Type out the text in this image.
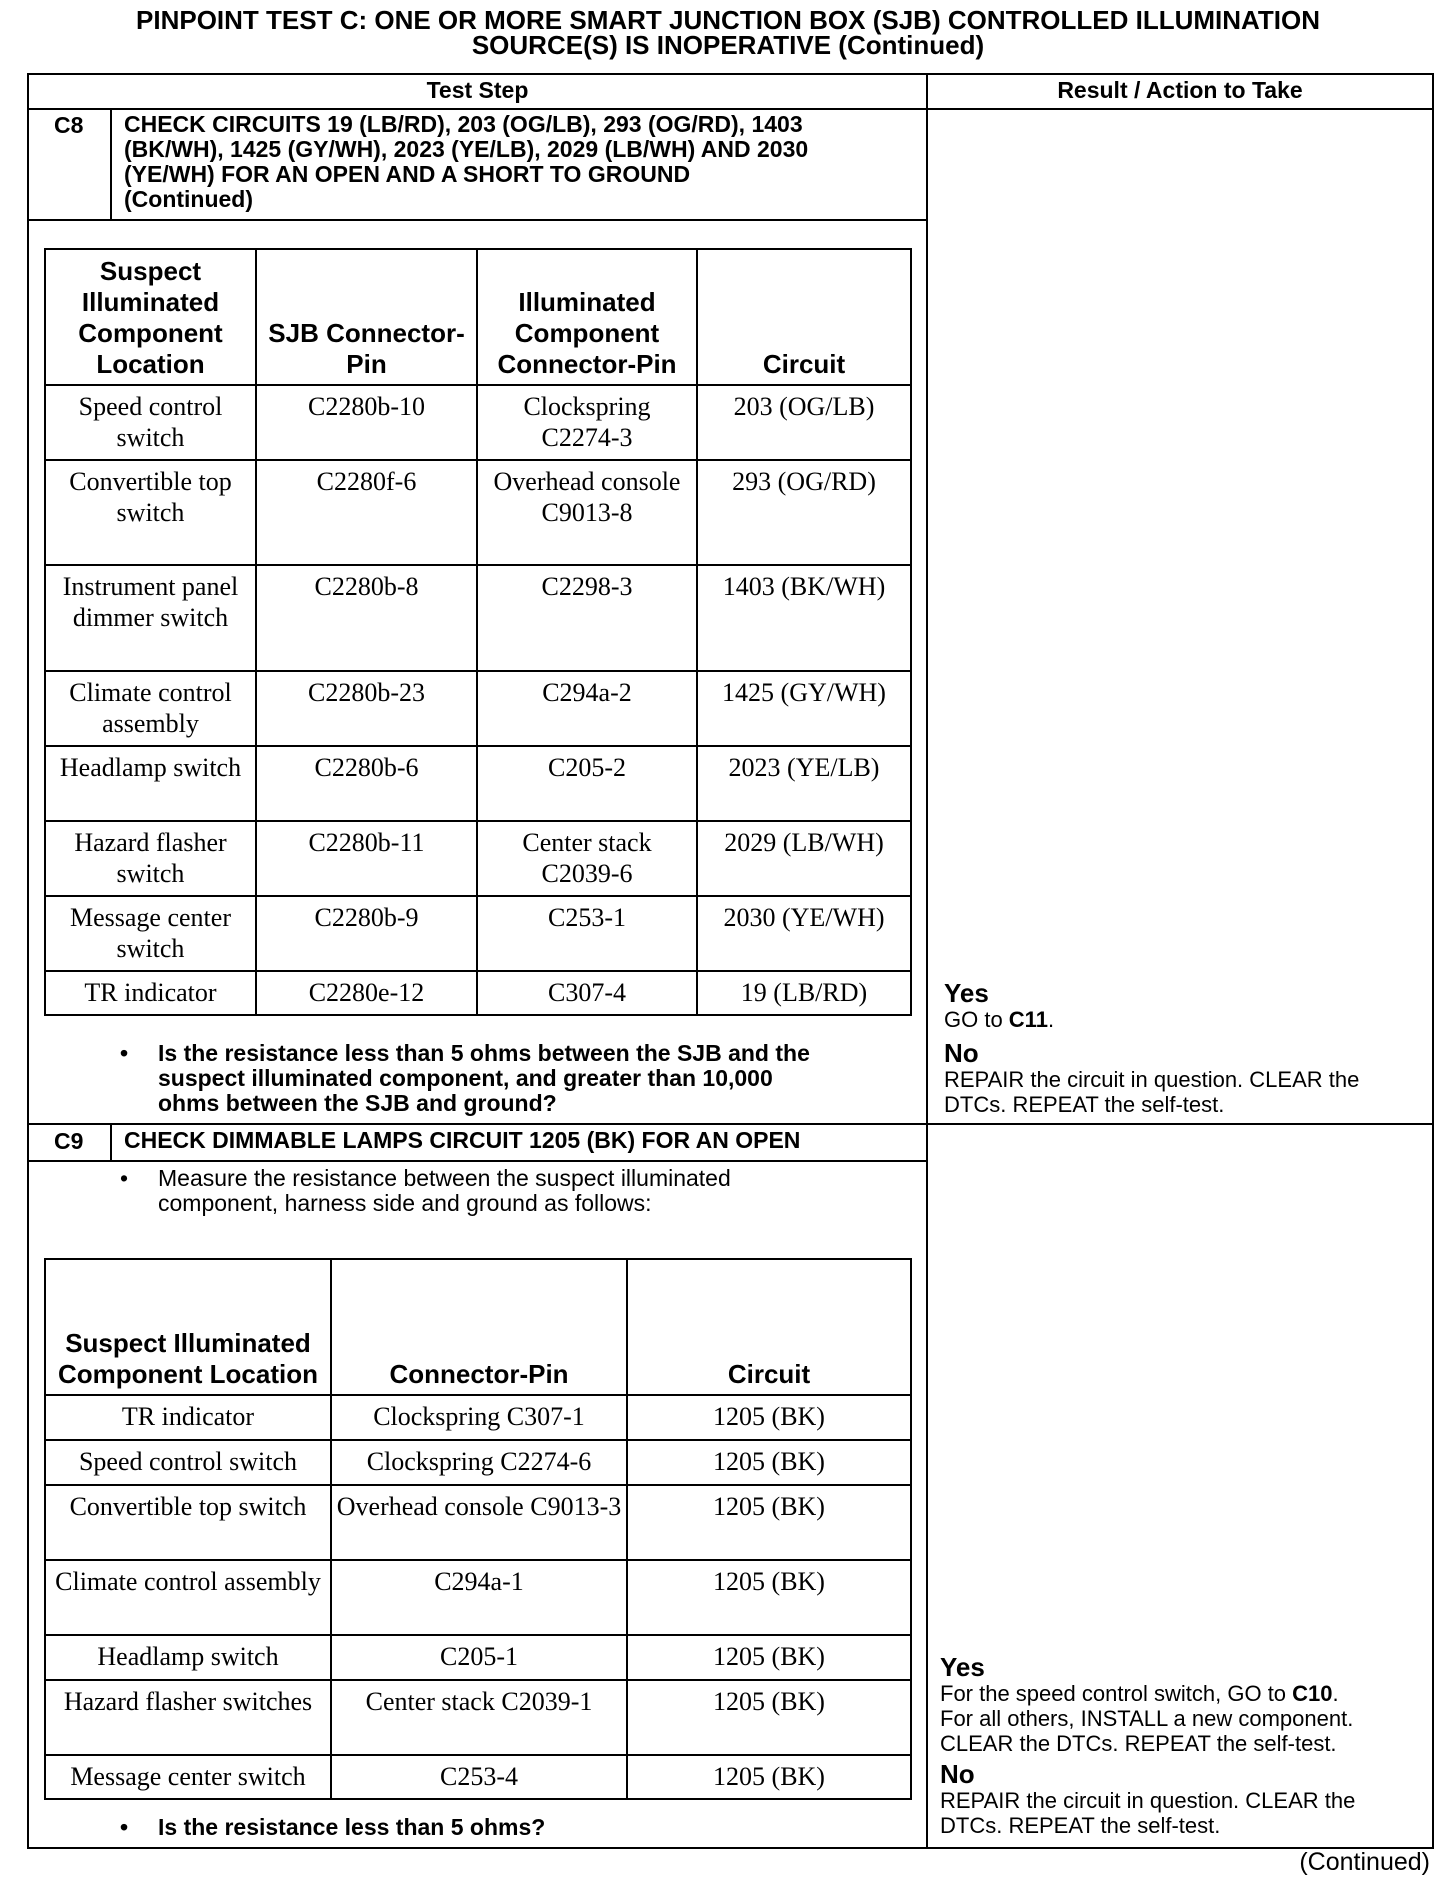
PINPOINT TEST C: ONE OR MORE SMART JUNCTION BOX (SJB) CONTROLLED ILLUMINATION
SOURCE(S) IS INOPERATIVE (Continued)
Test Step	Result / Action to Take
C8 CHECK CIRCUITS 19 (LB/RD), 203 (OG/LB), 293 (OG/RD), 1403
(BK/WH), 1425 (GY/WH), 2023 (YE/LB), 2029 (LB/WH) AND 2030
(YE/WH) FOR AN OPEN AND A SHORT TO GROUND
(Continued)
Suspect Illuminated Component Location	SJB Connector-Pin	Illuminated Component Connector-Pin	Circuit
Speed control switch	C2280b-10	Clockspring C2274-3	203 (OG/LB)
Convertible top switch	C2280f-6	Overhead console C9013-8	293 (OG/RD)
Instrument panel dimmer switch	C2280b-8	C2298-3	1403 (BK/WH)
Climate control assembly	C2280b-23	C294a-2	1425 (GY/WH)
Headlamp switch	C2280b-6	C205-2	2023 (YE/LB)
Hazard flasher switch	C2280b-11	Center stack C2039-6	2029 (LB/WH)
Message center switch	C2280b-9	C253-1	2030 (YE/WH)
TR indicator	C2280e-12	C307-4	19 (LB/RD)
• Is the resistance less than 5 ohms between the SJB and the
suspect illuminated component, and greater than 10,000
ohms between the SJB and ground?
Yes
GO to C11.
No
REPAIR the circuit in question. CLEAR the
DTCs. REPEAT the self-test.
C9 CHECK DIMMABLE LAMPS CIRCUIT 1205 (BK) FOR AN OPEN
• Measure the resistance between the suspect illuminated
component, harness side and ground as follows:
Suspect Illuminated Component Location	Connector-Pin	Circuit
TR indicator	Clockspring C307-1	1205 (BK)
Speed control switch	Clockspring C2274-6	1205 (BK)
Convertible top switch	Overhead console C9013-3	1205 (BK)
Climate control assembly	C294a-1	1205 (BK)
Headlamp switch	C205-1	1205 (BK)
Hazard flasher switches	Center stack C2039-1	1205 (BK)
Message center switch	C253-4	1205 (BK)
• Is the resistance less than 5 ohms?
Yes
For the speed control switch, GO to C10.
For all others, INSTALL a new component.
CLEAR the DTCs. REPEAT the self-test.
No
REPAIR the circuit in question. CLEAR the
DTCs. REPEAT the self-test.
(Continued)
